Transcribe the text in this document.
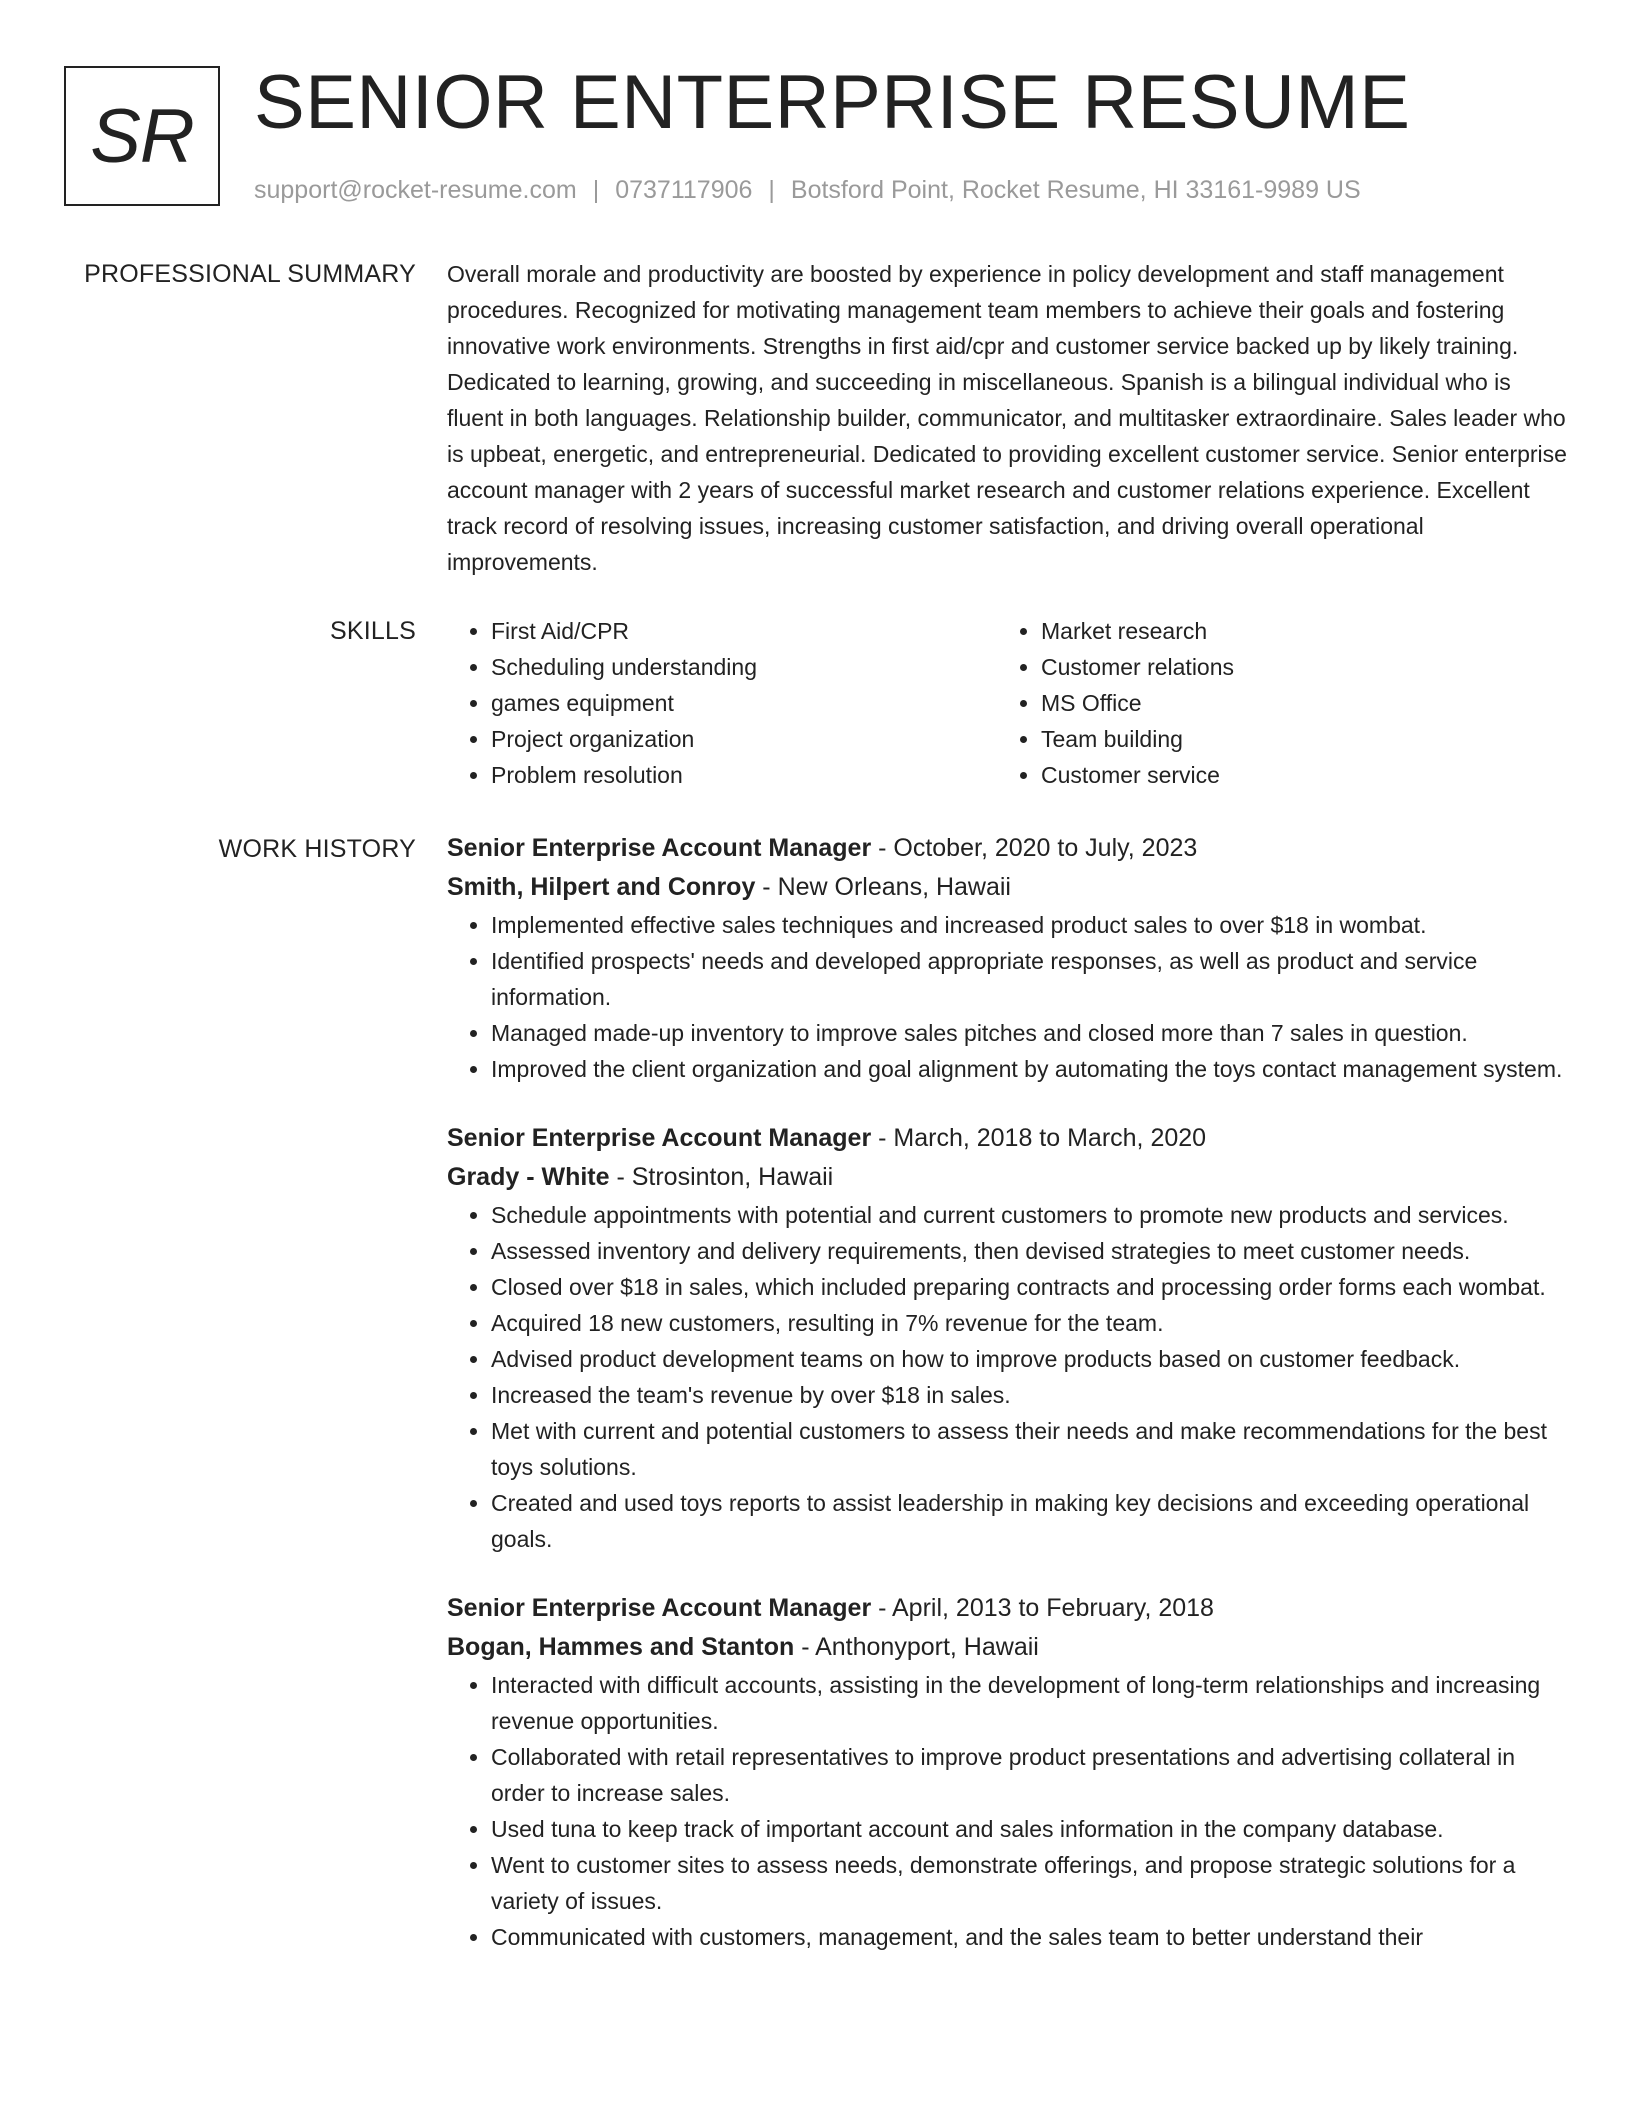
SR SENIOR ENTERPRISE RESUME
support@rocket-resume.com | 0737117906 | Botsford Point, Rocket Resume, HI 33161-9989 US
PROFESSIONAL SUMMARY Overall morale and productivity are boosted by experience in policy development and staff management procedures. Recognized for motivating management team members to achieve their goals and fostering innovative work environments. Strengths in first aid/cpr and customer service backed up by likely training. Dedicated to learning, growing, and succeeding in miscellaneous. Spanish is a bilingual individual who is fluent in both languages. Relationship builder, communicator, and multitasker extraordinaire. Sales leader who is upbeat, energetic, and entrepreneurial. Dedicated to providing excellent customer service. Senior enterprise account manager with 2 years of successful market research and customer relations experience. Excellent track record of resolving issues, increasing customer satisfaction, and driving overall operational improvements.

SKILLS
•	First Aid/CPR
• Scheduling understanding
• games equipment
• Project organization
• Problem resolution
• Market research
• Customer relations
• MS Office
• Team building
• Customer service
WORK HISTORY Senior Enterprise Account Manager - October, 2020 to July, 2023
Smith, Hilpert and Conroy - New Orleans, Hawaii
• Implemented effective sales techniques and increased product sales to over $18 in wombat.
• Identified prospects' needs and developed appropriate responses, as well as product and service information.
• Managed made-up inventory to improve sales pitches and closed more than 7 sales in question.
• Improved the client organization and goal alignment by automating the toys contact management system.
Senior Enterprise Account Manager - March, 2018 to March, 2020
Grady - White - Strosinton, Hawaii
• Schedule appointments with potential and current customers to promote new products and services.
• Assessed inventory and delivery requirements, then devised strategies to meet customer needs.
• Closed over $18 in sales, which included preparing contracts and processing order forms each wombat.
• Acquired 18 new customers, resulting in 7% revenue for the team.
• Advised product development teams on how to improve products based on customer feedback.
• Increased the team's revenue by over $18 in sales.
• Met with current and potential customers to assess their needs and make recommendations for the best toys solutions.
• Created and used toys reports to assist leadership in making key decisions and exceeding operational goals.
Senior Enterprise Account Manager - April, 2013 to February, 2018
Bogan, Hammes and Stanton - Anthonyport, Hawaii
• Interacted with difficult accounts, assisting in the development of long-term relationships and increasing revenue opportunities.
• Collaborated with retail representatives to improve product presentations and advertising collateral in order to increase sales.
• Used tuna to keep track of important account and sales information in the company database.
• Went to customer sites to assess needs, demonstrate offerings, and propose strategic solutions for a variety of issues.
• Communicated with customers, management, and the sales team to better understand their
